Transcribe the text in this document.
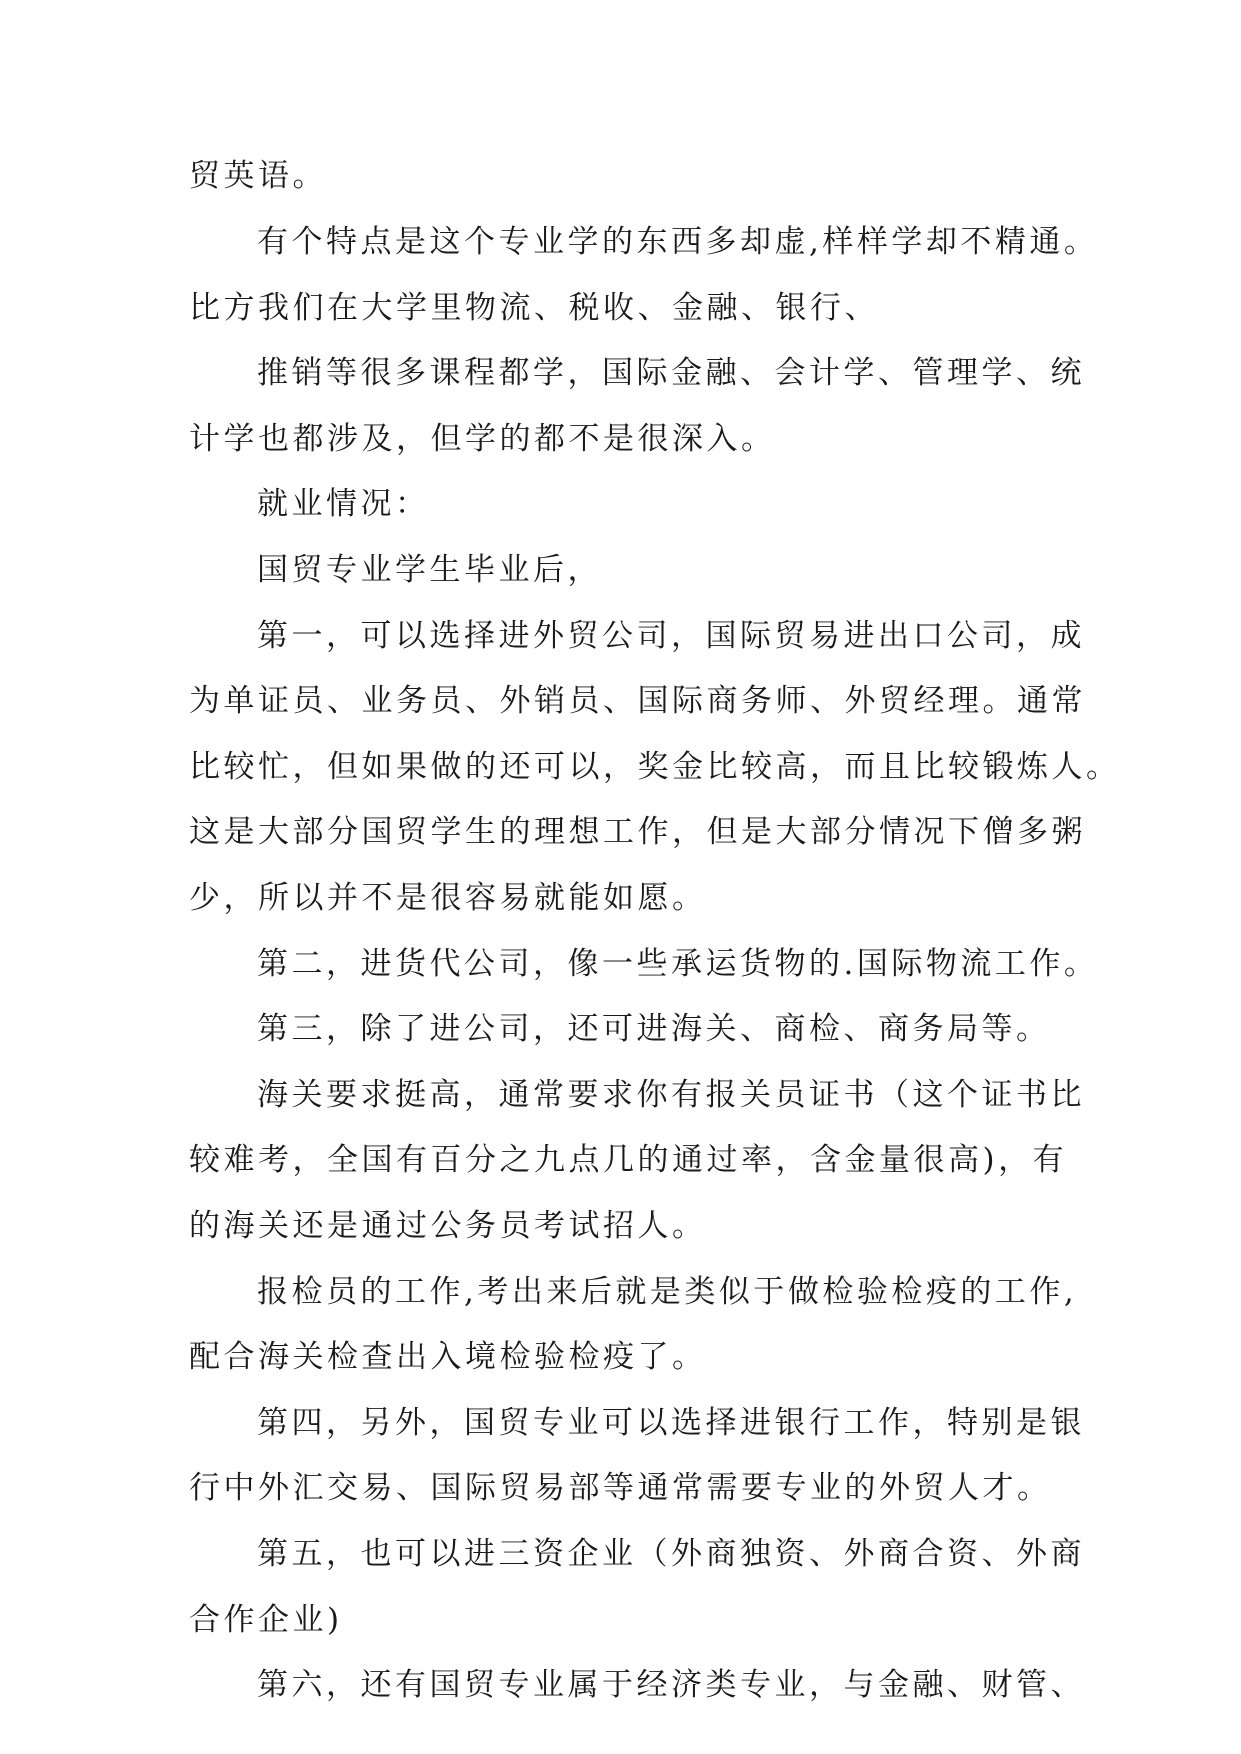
贸英语。
有个特点是这个专业学的东西多却虚,样样学却不精通。
比方我们在大学里物流、税收、金融、银行、
推销等很多课程都学，国际金融、会计学、管理学、统
计学也都涉及，但学的都不是很深入。
就业情况：
国贸专业学生毕业后，
第一，可以选择进外贸公司，国际贸易进出口公司，成
为单证员、业务员、外销员、国际商务师、外贸经理。通常
比较忙，但如果做的还可以，奖金比较高，而且比较锻炼人。
这是大部分国贸学生的理想工作，但是大部分情况下僧多粥
少，所以并不是很容易就能如愿。
第二，进货代公司，像一些承运货物的.国际物流工作。
第三，除了进公司，还可进海关、商检、商务局等。
海关要求挺高，通常要求你有报关员证书（这个证书比
较难考，全国有百分之九点几的通过率，含金量很高)，有
的海关还是通过公务员考试招人。
报检员的工作,考出来后就是类似于做检验检疫的工作,
配合海关检查出入境检验检疫了。
第四，另外，国贸专业可以选择进银行工作，特别是银
行中外汇交易、国际贸易部等通常需要专业的外贸人才。
第五，也可以进三资企业（外商独资、外商合资、外商
合作企业)
第六，还有国贸专业属于经济类专业，与金融、财管、
